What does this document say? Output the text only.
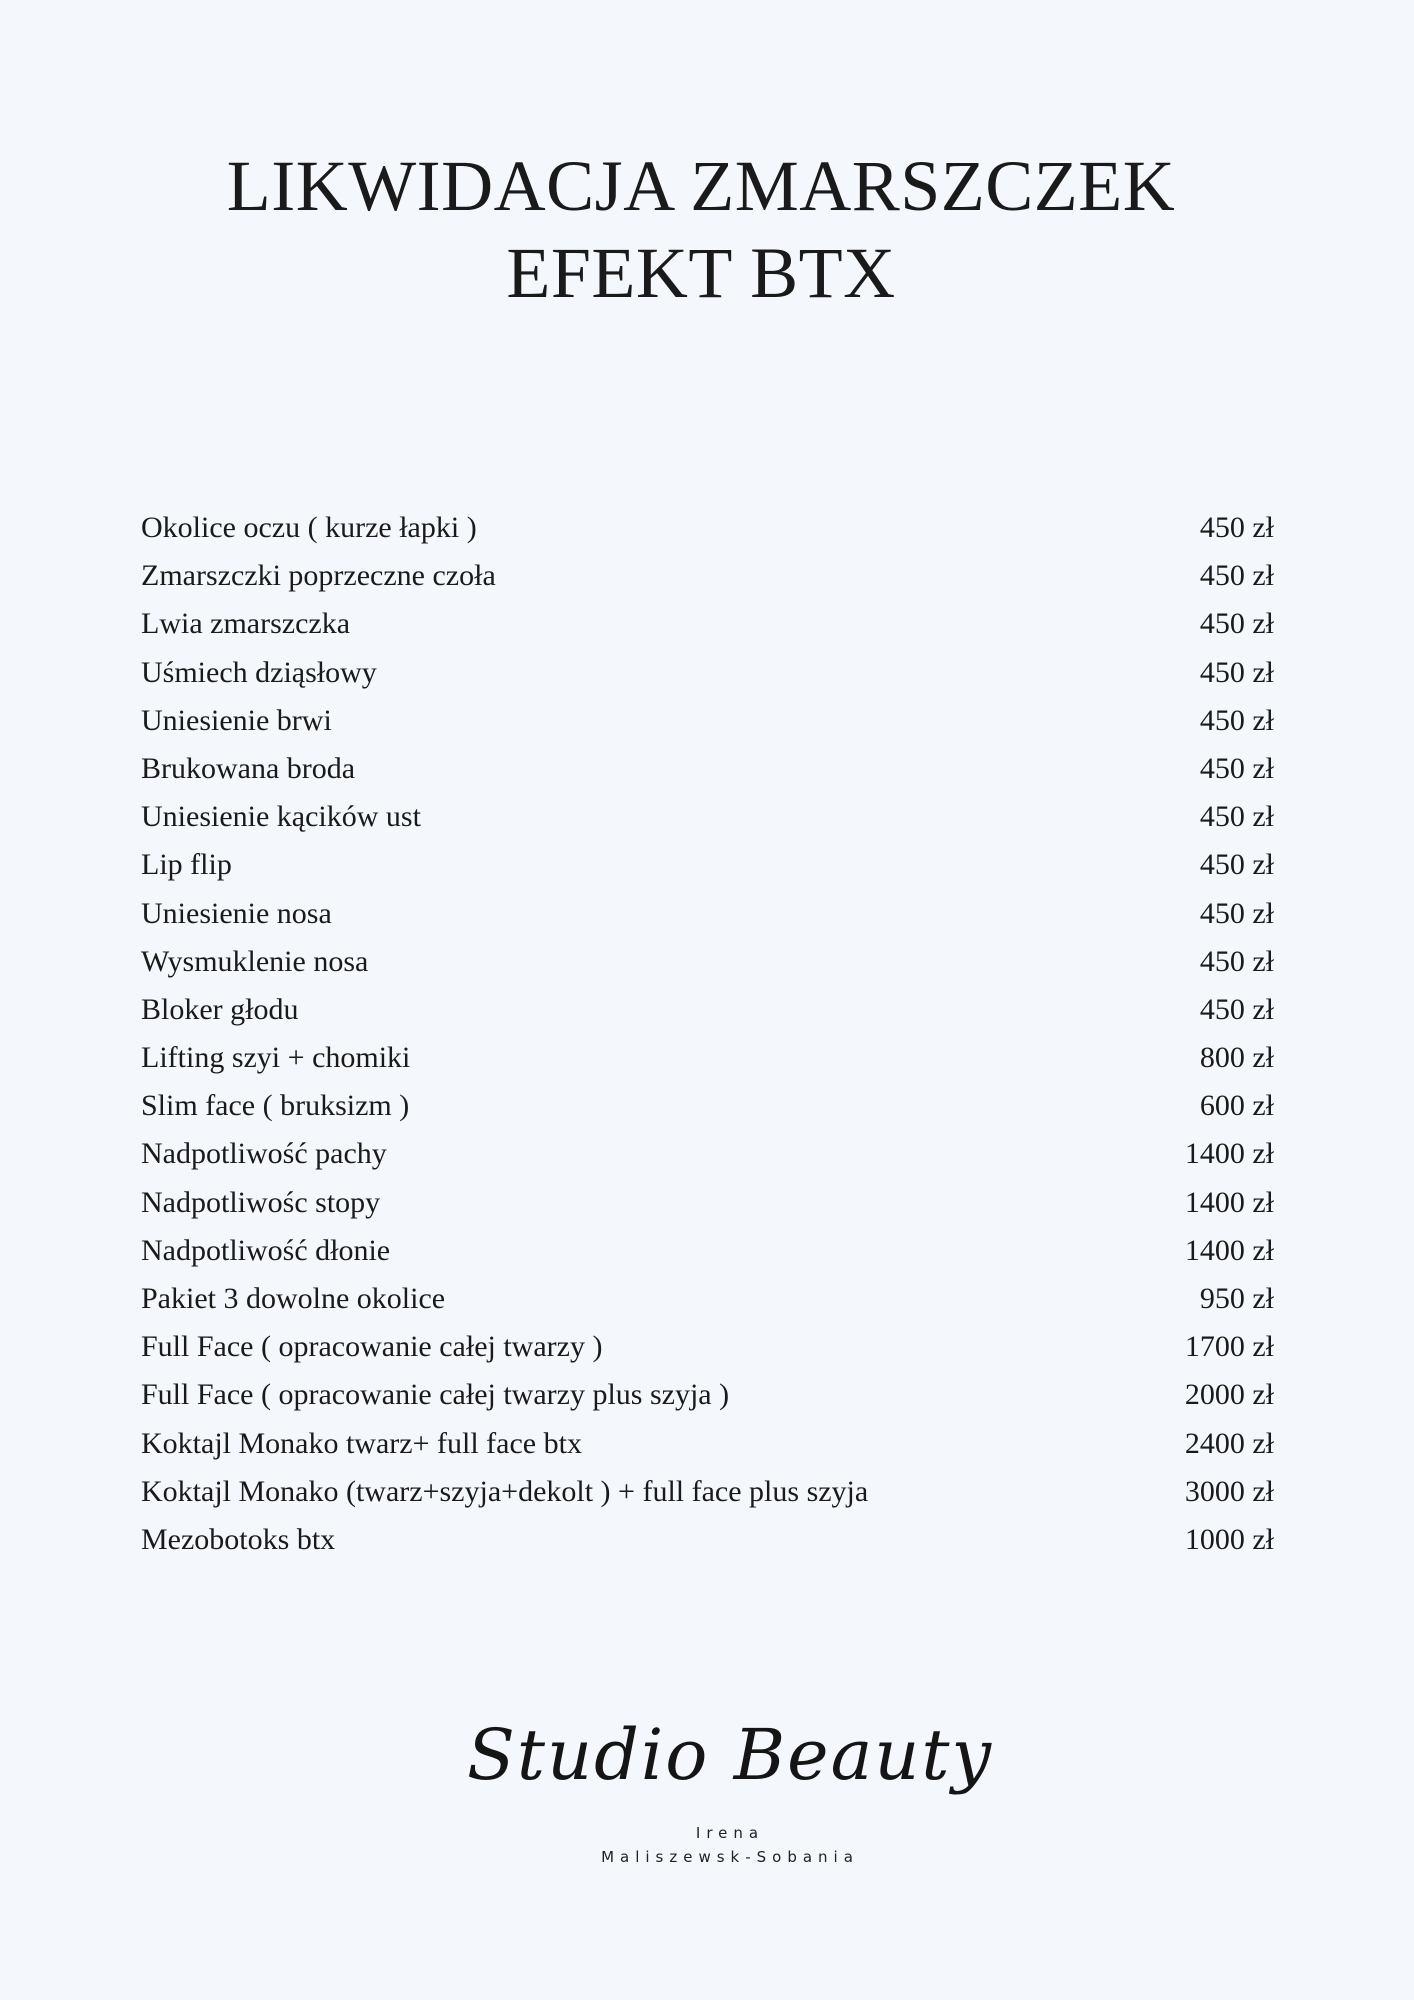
LIKWIDACJA ZMARSZCZEK
EFEKT BTX
Okolice oczu ( kurze łapki )	450 zł
Zmarszczki poprzeczne czoła	450 zł
Lwia zmarszczka	450 zł
Uśmiech dziąsłowy	450 zł
Uniesienie brwi	450 zł
Brukowana broda	450 zł
Uniesienie kącików ust	450 zł
Lip flip	450 zł
Uniesienie nosa	450 zł
Wysmuklenie nosa	450 zł
Bloker głodu	450 zł
Lifting szyi + chomiki	800 zł
Slim face ( bruksizm )	600 zł
Nadpotliwość pachy	1400 zł
Nadpotliwośc stopy	1400 zł
Nadpotliwość dłonie	1400 zł
Pakiet 3 dowolne okolice	950 zł
Full Face ( opracowanie całej twarzy )	1700 zł
Full Face ( opracowanie całej twarzy plus szyja )	2000 zł
Koktajl Monako twarz+ full face btx	2400 zł
Koktajl Monako (twarz+szyja+dekolt ) + full face plus szyja	3000 zł
Mezobotoks btx	1000 zł
Studio Beauty
Irena
Maliszewsk-Sobania
